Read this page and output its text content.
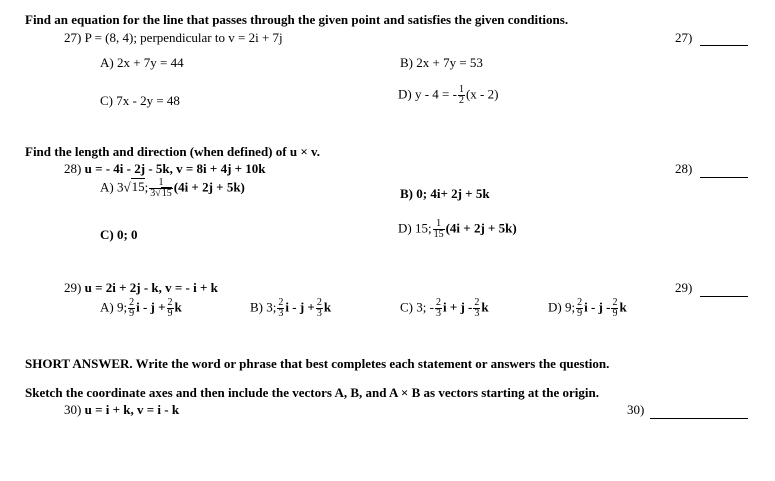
Find an equation for the line that passes through the given point and satisfies the given conditions.
27) P = (8, 4); perpendicular to v = 2i + 7j	27)
A) 2x + 7y = 44	B) 2x + 7y = 53
C) 7x - 2y = 48	D) y - 4 = - $\frac{1}{2} (x - 2)$
Find the length and direction (when defined) of u × v.
28) u = - 4i - 2j - 5k, v = 8i + 4j + 10k	28)
A) 3√15; $\frac{1}{3√15} (4i + 2j + 5k)$	B) 0; 4i+ 2j + 5k
C) 0; 0	D) 15; $\frac{1}{15} (4i + 2j + 5k)$
29) u = 2i + 2j - k, v = - i + k	29)
A) 9; $\frac{2}{9}$ $i - j + \frac{2}{9}$ k	B) 3; $\frac{2}{3}$ $i - j + \frac{2}{3}$ k	C) 3; - $\frac{2}{3}$ $i + j - \frac{2}{3}$ k	D) 9; $\frac{2}{9}$ i - j - $\frac{2}{9}$ k
SHORT ANSWER. Write the word or phrase that best completes each statement or answers the question.
Sketch the coordinate axes and then include the vectors A, B, and A × B as vectors starting at the origin.
30) u = i + k, v = i - k	30)
